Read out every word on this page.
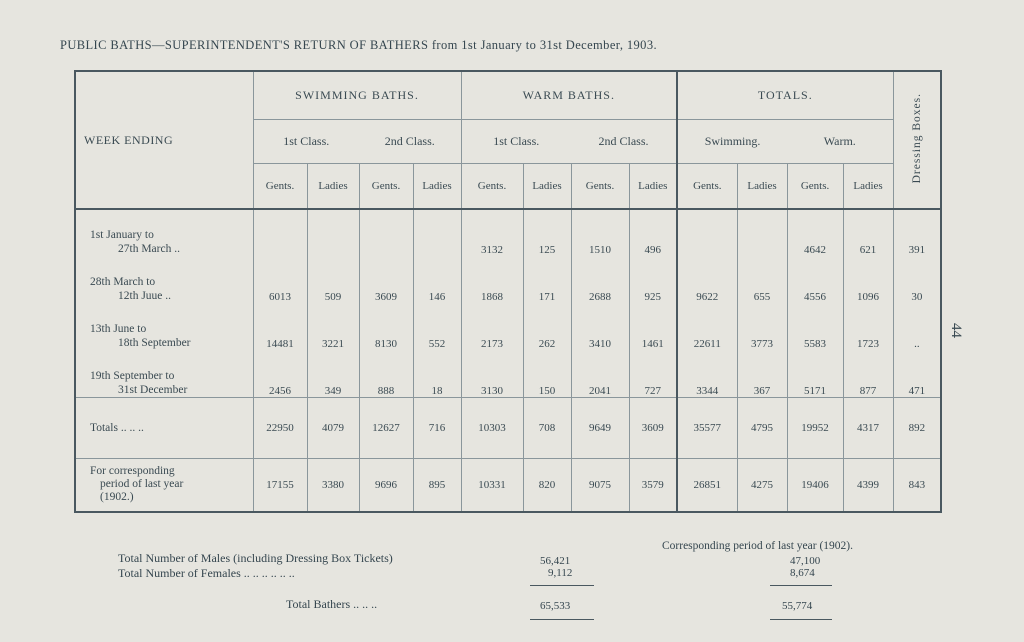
PUBLIC BATHS—SUPERINTENDENT'S RETURN OF BATHERS from 1st January to 31st December, 1903.
44
WEEK ENDING	SWIMMING BATHS.				WARM BATHS.				TOTALS.				Dressing Boxes.
	1st Class.		2nd Class.		1st Class.		2nd Class.		Swimming.		Warm.		
	Gents.	Ladies	Gents.	Ladies	Gents.	Ladies	Gents.	Ladies	Gents.	Ladies	Gents.	Ladies	

1st January to
27th March ..					3132	125	1510	496			4642	621	391

28th March to
12th Juue ..	6013	509	3609	146	1868	171	2688	925	9622	655	4556	1096	30

13th June to
18th September	14481	3221	8130	552	2173	262	3410	1461	22611	3773	5583	1723	..

19th September to
31st December	2456	349	888	18	3130	150	2041	727	3344	367	5171	877	471
Totals .. .. ..	22950	4079	12627	716	10303	708	9649	3609	35577	4795	19952	4317	892

For corresponding
period of last year
(1902.)	17155	3380	9696	895	10331	820	9075	3579	26851	4275	19406	4399	843
Corresponding period of last year (1902).
Total Number of Males (including Dressing Box Tickets)	56,421	47,100
Total Number of Females .. .. .. .. .. ..	9,112	8,674
Total Bathers .. .. ..	65,533	55,774
